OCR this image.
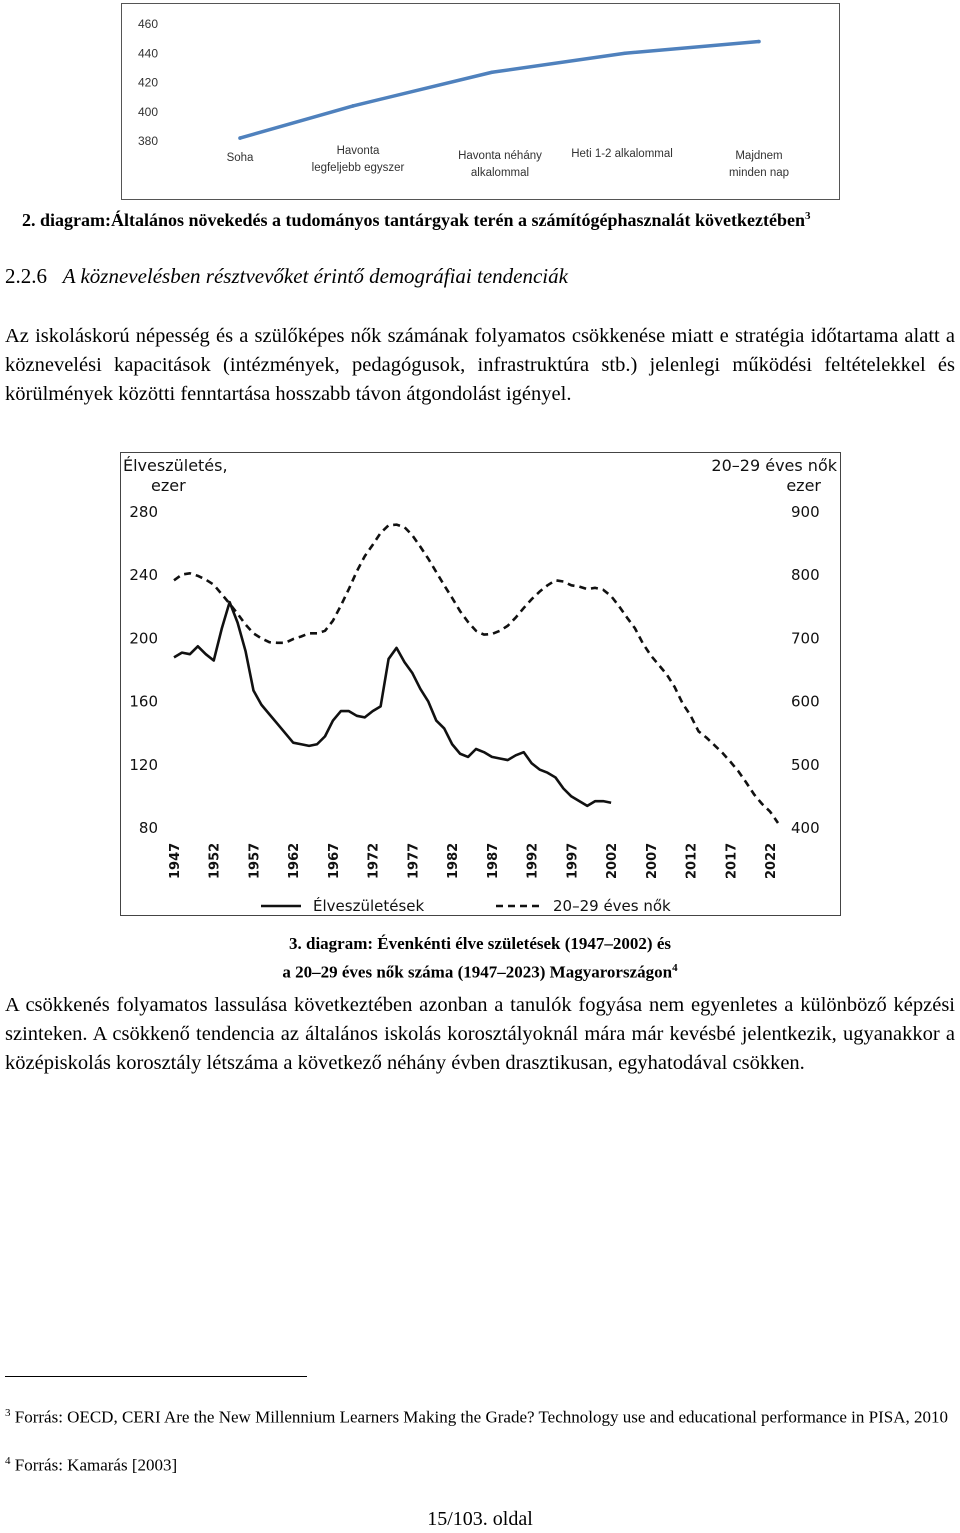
380
400
420
440
460
Soha
Havonta legfeljebb egyszer
Havonta néhány alkalommal
Heti 1-2 alkalommal	Majdnem minden nap
2. diagram:Általános növekedés a tudományos tantárgyak terén a számítógéphasznalát következtében$^3$
2.2.6 A köznevelésben résztvevőket érintő demográfiai tendenciák
Az iskoláskorú népesség és a szülőképes nők számának folyamatos csökkenése miatt e stratégia időtartama alatt a köznevelési kapacitások (intézmények, pedagógusok, infrastruktúra stb.) jelenlegi működési feltételekkel és körülmények közötti fenntartása hosszabb távon átgondolást igényel.
Élveszületés,
ezer
20–29 éves nők
ezer
80
120
160
200
240
280
400
500
600
700
800
900
1947 1952 1957 1962 1967 1972 1977 1982 1987 1992 1997 2002 2007 2012 2017 2022
Élveszületések	20–29 éves nők
3. diagram: Évenkénti élve születések (1947–2002) és
a 20–29 éves nők száma (1947–2023) Magyarországon$^4$
A csökkenés folyamatos lassulása következtében azonban a tanulók fogyása nem egyenletes a különböző képzési szinteken. A csökkenő tendencia az általános iskolás korosztályoknál mára már kevésbé jelentkezik, ugyanakkor a középiskolás korosztály létszáma a következő néhány évben drasztikusan, egyhatodával csökken.
$^3$ Forrás: OECD, CERI Are the New Millennium Learners Making the Grade? Technology use and educational performance in PISA, 2010
$^4$ Forrás: Kamarás [2003]
15/103. oldal
